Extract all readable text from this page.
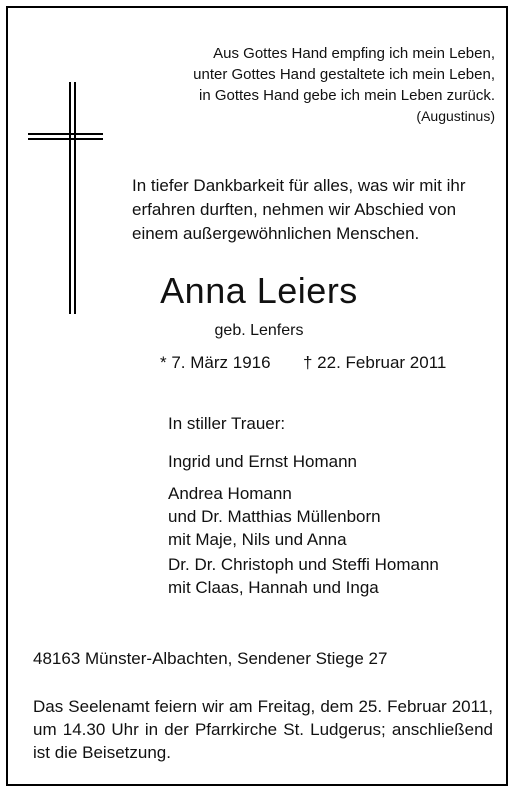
Aus Gottes Hand empfing ich mein Leben,
unter Gottes Hand gestaltete ich mein Leben,
in Gottes Hand gebe ich mein Leben zurück.
(Augustinus)
In tiefer Dankbarkeit für alles, was wir mit ihr
erfahren durften, nehmen wir Abschied von
einem außergewöhnlichen Menschen.
Anna Leiers
geb. Lenfers
* 7. März 1916 † 22. Februar 2011
In stiller Trauer:
Ingrid und Ernst Homann
Andrea Homann
und Dr. Matthias Müllenborn
mit Maje, Nils und Anna
Dr. Dr. Christoph und Steffi Homann
mit Claas, Hannah und Inga
48163 Münster-Albachten, Sendener Stiege 27
Das Seelenamt feiern wir am Freitag, dem 25. Februar 2011, um 14.30 Uhr in der Pfarrkirche St. Ludgerus; anschließend ist die Beisetzung.
